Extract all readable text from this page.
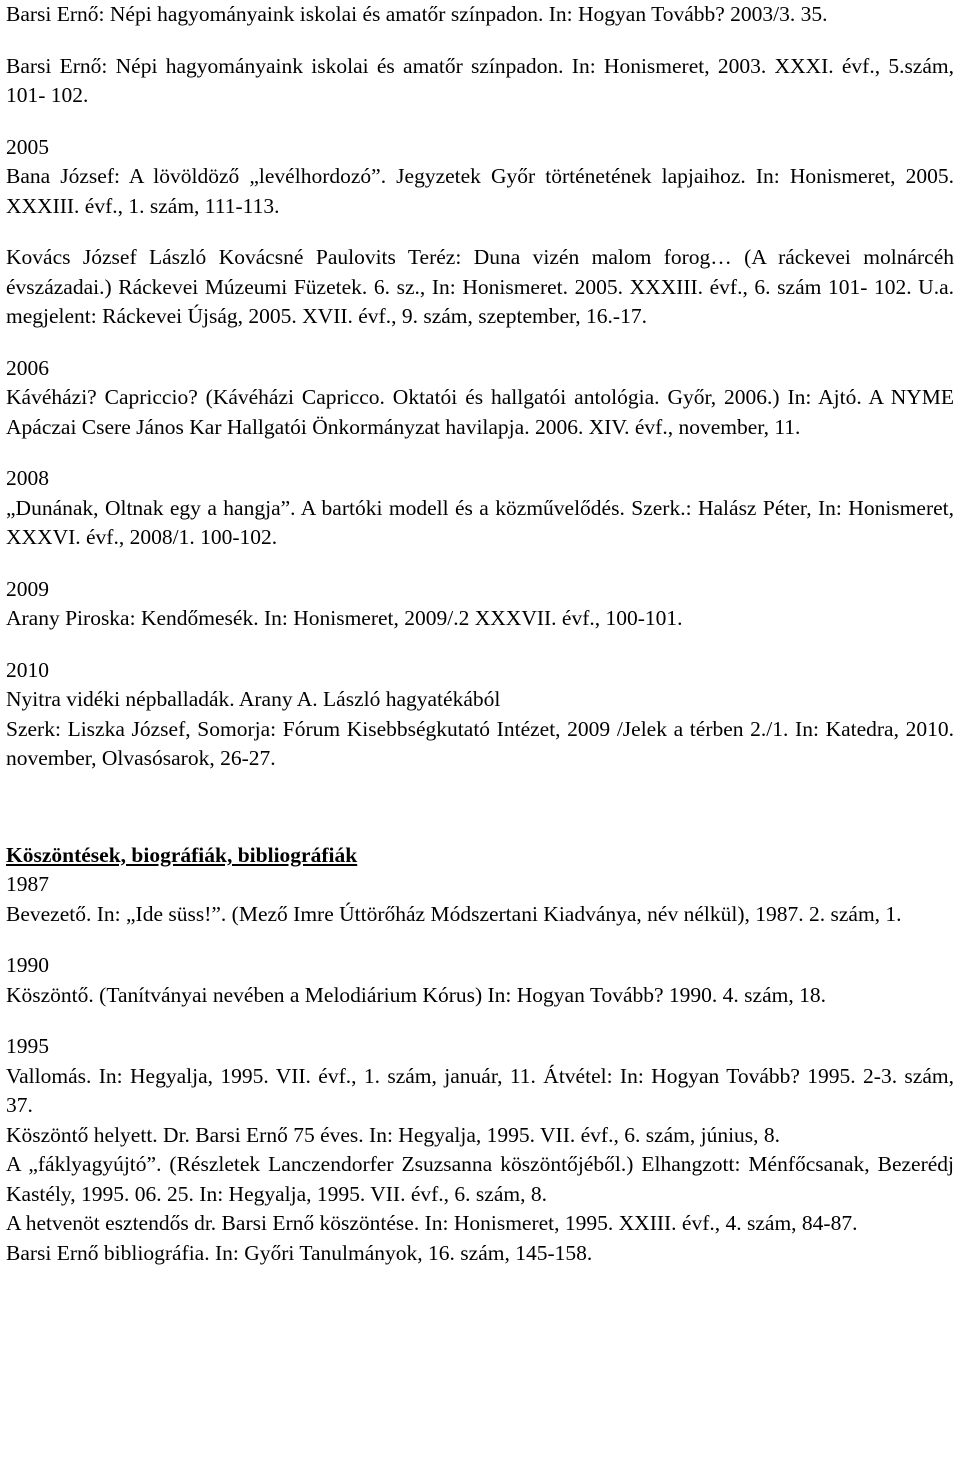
Barsi Ernő: Népi hagyományaink iskolai és amatőr színpadon. In: Hogyan Tovább? 2003/3. 35.

Barsi Ernő: Népi hagyományaink iskolai és amatőr színpadon. In: Honismeret, 2003. XXXI. évf., 5.szám, 101- 102.

2005

Bana József: A lövöldöző „levélhordozó”. Jegyzetek Győr történetének lapjaihoz. In: Honismeret, 2005. XXXIII. évf., 1. szám, 111-113.

Kovács József László Kovácsné Paulovits Teréz: Duna vizén malom forog… (A ráckevei molnárcéh évszázadai.) Ráckevei Múzeumi Füzetek. 6. sz., In: Honismeret. 2005. XXXIII. évf., 6. szám 101- 102. U.a. megjelent: Ráckevei Újság, 2005. XVII. évf., 9. szám, szeptember, 16.-17.

2006

Kávéházi? Capriccio? (Kávéházi Capricco. Oktatói és hallgatói antológia. Győr, 2006.) In: Ajtó. A NYME Apáczai Csere János Kar Hallgatói Önkormányzat havilapja. 2006. XIV. évf., november, 11.

2008

„Dunának, Oltnak egy a hangja”. A bartóki modell és a közművelődés. Szerk.: Halász Péter, In: Honismeret, XXXVI. évf., 2008/1. 100-102.

2009

Arany Piroska: Kendőmesék. In: Honismeret, 2009/.2 XXXVII. évf., 100-101.

2010

Nyitra vidéki népballadák. Arany A. László hagyatékából

Szerk: Liszka József, Somorja: Fórum Kisebbségkutató Intézet, 2009 /Jelek a térben 2./1. In: Katedra, 2010. november, Olvasósarok, 26-27.

Köszöntések, biográfiák, bibliográfiák

1987

Bevezető. In: „Ide süss!”. (Mező Imre Úttörőház Módszertani Kiadványa, név nélkül), 1987. 2. szám, 1.

1990

Köszöntő. (Tanítványai nevében a Melodiárium Kórus) In: Hogyan Tovább? 1990. 4. szám, 18.

1995

Vallomás. In: Hegyalja, 1995. VII. évf., 1. szám, január, 11. Átvétel: In: Hogyan Tovább? 1995. 2-3. szám, 37.

Köszöntő helyett. Dr. Barsi Ernő 75 éves. In: Hegyalja, 1995. VII. évf., 6. szám, június, 8.

A „fáklyagyújtó”. (Részletek Lanczendorfer Zsuzsanna köszöntőjéből.) Elhangzott: Ménfőcsanak, Bezerédj Kastély, 1995. 06. 25. In: Hegyalja, 1995. VII. évf., 6. szám, 8.

A hetvenöt esztendős dr. Barsi Ernő köszöntése. In: Honismeret, 1995. XXIII. évf., 4. szám, 84-87.

Barsi Ernő bibliográfia. In: Győri Tanulmányok, 16. szám, 145-158.
